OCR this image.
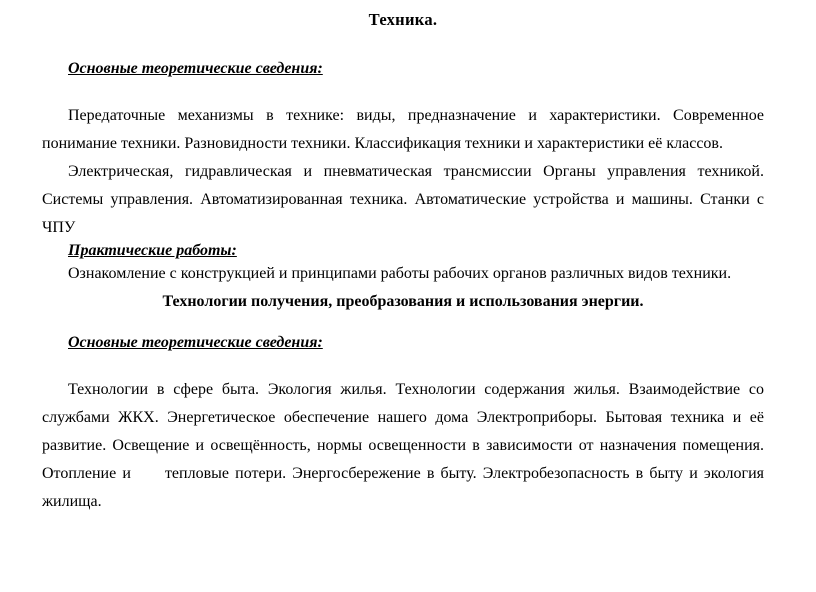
Техника.
Основные теоретические сведения:

Передаточные механизмы в технике: виды, предназначение и характеристики. Современное понимание техники. Разновидности техники. Классификация техники и характеристики её классов.

Электрическая, гидравлическая и пневматическая трансмиссии Органы управления техникой. Системы управления. Автоматизированная техника. Автоматические устройства и машины. Станки с ЧПУ

Практические работы:

Ознакомление с конструкцией и принципами работы рабочих органов различных видов техники.

Технологии получения, преобразования и использования энергии.

Основные теоретические сведения:

Технологии в сфере быта. Экология жилья. Технологии содержания жилья. Взаимодействие со службами ЖКХ. Энергетическое обеспечение нашего дома Электроприборы. Бытовая техника и её развитие. Освещение и освещённость, нормы освещенности в зависимости от назначения помещения. Отопление и тепловые потери. Энергосбережение в быту. Электробезопасность в быту и экология жилища.
